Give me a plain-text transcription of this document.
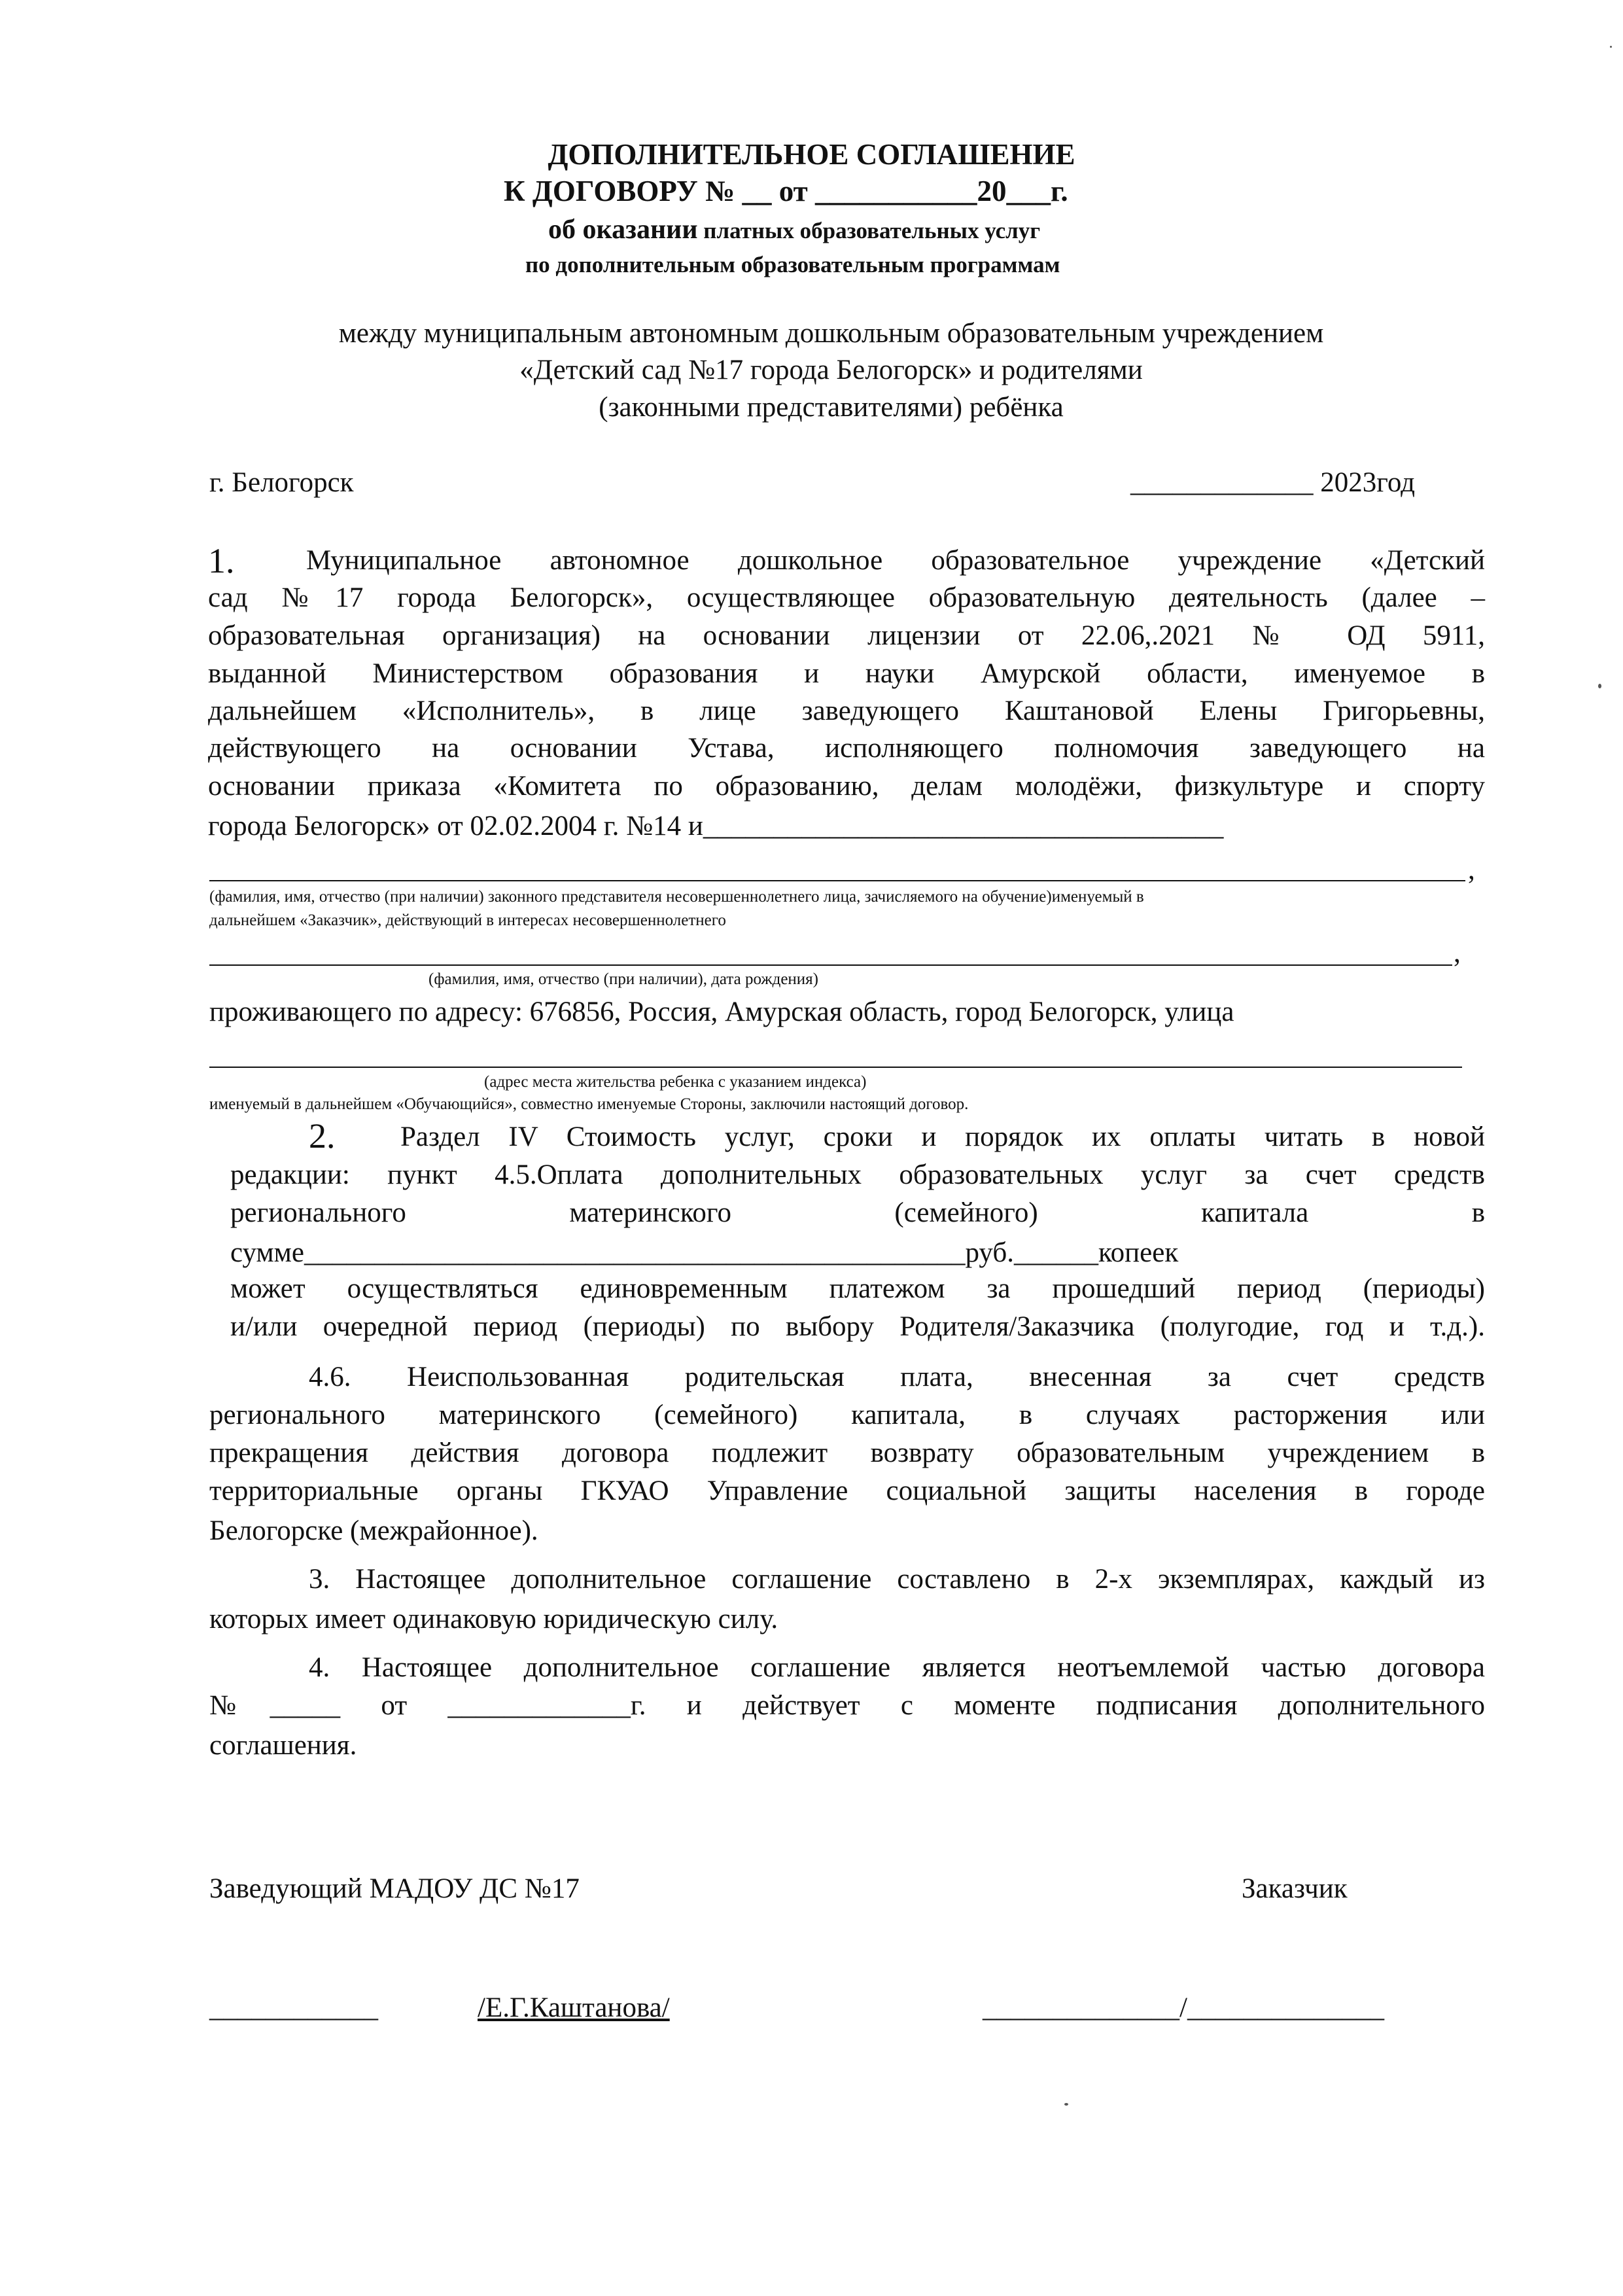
ДОПОЛНИТЕЛЬНОЕ СОГЛАШЕНИЕ
К ДОГОВОРУ № __ от ___________20___г.
об оказании платных образовательных услуг
по дополнительным образовательным программам
между муниципальным автономным дошкольным образовательным учреждением
«Детский сад №17 города Белогорск» и родителями
(законными представителями) ребёнка
г. Белогорск	_____________ 2023год
1.	Муниципальное автономное дошкольное образовательное учреждение «Детский
сад №17 города Белогорск», осуществляющее образовательную деятельность (далее –
образовательная организация) на основании лицензии от 22.06,.2021 № ОД 5911,
выданной Министерством образования и науки Амурской области, именуемое в
дальнейшем «Исполнитель», в лице заведующего Каштановой Елены Григорьевны,
действующего на основании Устава, исполняющего полномочия заведующего на
основании приказа «Комитета по образованию, делам молодёжи, физкультуре и спорту
города Белогорск» от 02.02.2004 г. №14 и_____________________________________
,
(фамилия, имя, отчество (при наличии) законного представителя несовершеннолетнего лица, зачисляемого на обучение)именуемый в
дальнейшем «Заказчик», действующий в интересах несовершеннолетнего
,
(фамилия, имя, отчество (при наличии), дата рождения)
проживающего по адресу: 676856, Россия, Амурская область, город Белогорск, улица
(адрес места жительства ребенка с указанием индекса)
именуемый в дальнейшем «Обучающийся», совместно именуемые Стороны, заключили настоящий договор.
2. Раздел IV Стоимость услуг, сроки и порядок их оплаты читать в новой
редакции: пункт 4.5.Оплата дополнительных образовательных услуг за счет средств
регионального материнского (семейного) капитала в
сумме_______________________________________________руб.______копеек
может осуществляться единовременным платежом за прошедший период (периоды)
и/или очередной период (периоды) по выбору Родителя/Заказчика (полугодие, год и т.д.).
4.6. Неиспользованная родительская плата, внесенная за счет средств
регионального материнского (семейного) капитала, в случаях расторжения или
прекращения действия договора подлежит возврату образовательным учреждением в
территориальные органы ГКУАО Управление социальной защиты населения в городе
Белогорске (межрайонное).
3. Настоящее дополнительное соглашение составлено в 2-х экземплярах, каждый из
которых имеет одинаковую юридическую силу.
4. Настоящее дополнительное соглашение является неотъемлемой частью договора
№_____ от _____________г. и действует с моменте подписания дополнительного
соглашения.
Заведующий МАДОУ ДС №17	Заказчик
____________	/Е.Г.Каштанова/	______________/______________
